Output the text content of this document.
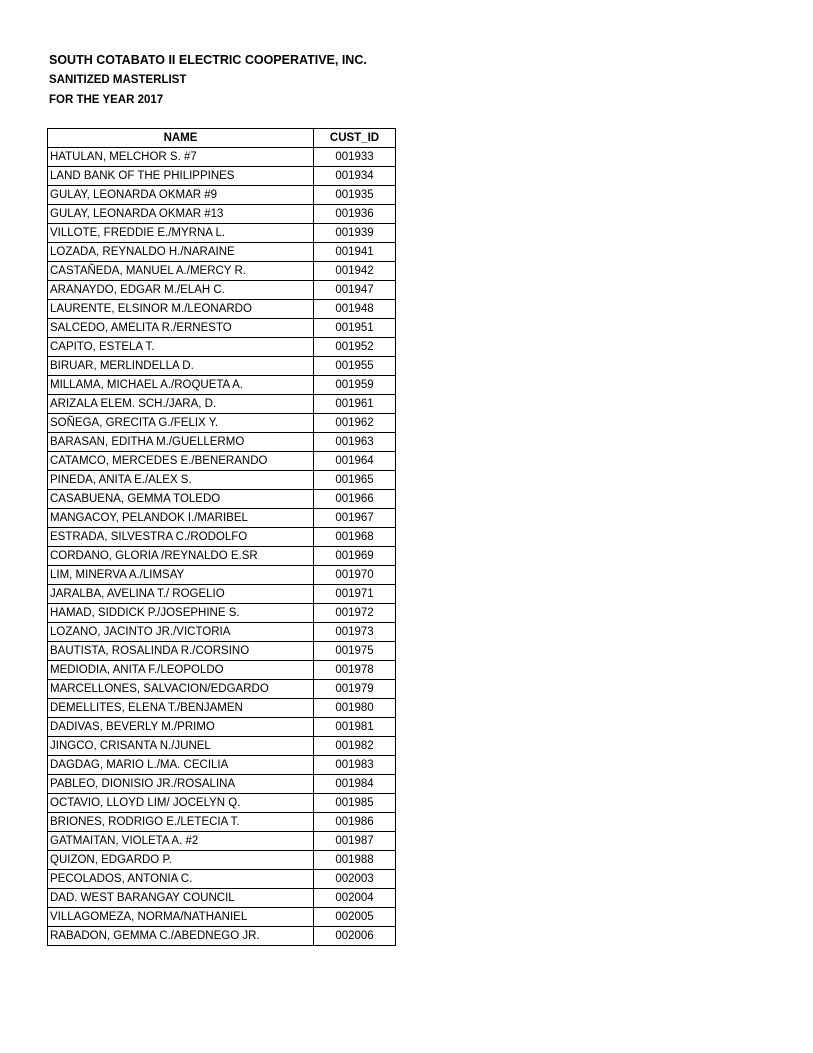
SOUTH COTABATO II ELECTRIC COOPERATIVE, INC.
SANITIZED MASTERLIST
FOR THE YEAR 2017
NAME	CUST_ID
HATULAN, MELCHOR S. #7	001933
LAND BANK OF THE PHILIPPINES	001934
GULAY, LEONARDA OKMAR #9	001935
GULAY, LEONARDA OKMAR #13	001936
VILLOTE, FREDDIE E./MYRNA L.	001939
LOZADA, REYNALDO H./NARAINE	001941
CASTAÑEDA, MANUEL A./MERCY R.	001942
ARANAYDO, EDGAR M./ELAH C.	001947
LAURENTE, ELSINOR M./LEONARDO	001948
SALCEDO, AMELITA R./ERNESTO	001951
CAPITO, ESTELA T.	001952
BIRUAR, MERLINDELLA D.	001955
MILLAMA, MICHAEL A./ROQUETA A.	001959
ARIZALA ELEM. SCH./JARA, D.	001961
SOÑEGA, GRECITA G./FELIX Y.	001962
BARASAN, EDITHA M./GUELLERMO	001963
CATAMCO, MERCEDES E./BENERANDO	001964
PINEDA, ANITA E./ALEX S.	001965
CASABUENA, GEMMA TOLEDO	001966
MANGACOY, PELANDOK I./MARIBEL	001967
ESTRADA, SILVESTRA C./RODOLFO	001968
CORDANO, GLORIA /REYNALDO E.SR	001969
LIM, MINERVA A./LIMSAY	001970
JARALBA, AVELINA T./ ROGELIO	001971
HAMAD, SIDDICK P./JOSEPHINE S.	001972
LOZANO, JACINTO JR./VICTORIA	001973
BAUTISTA, ROSALINDA R./CORSINO	001975
MEDIODIA, ANITA F./LEOPOLDO	001978
MARCELLONES, SALVACION/EDGARDO	001979
DEMELLITES, ELENA T./BENJAMEN	001980
DADIVAS, BEVERLY M./PRIMO	001981
JINGCO, CRISANTA N./JUNEL	001982
DAGDAG, MARIO L./MA. CECILIA	001983
PABLEO, DIONISIO JR./ROSALINA	001984
OCTAVIO, LLOYD LIM/ JOCELYN Q.	001985
BRIONES, RODRIGO E./LETECIA T.	001986
GATMAITAN, VIOLETA A. #2	001987
QUIZON, EDGARDO P.	001988
PECOLADOS, ANTONIA C.	002003
DAD. WEST BARANGAY COUNCIL	002004
VILLAGOMEZA, NORMA/NATHANIEL	002005
RABADON, GEMMA C./ABEDNEGO JR.	002006
